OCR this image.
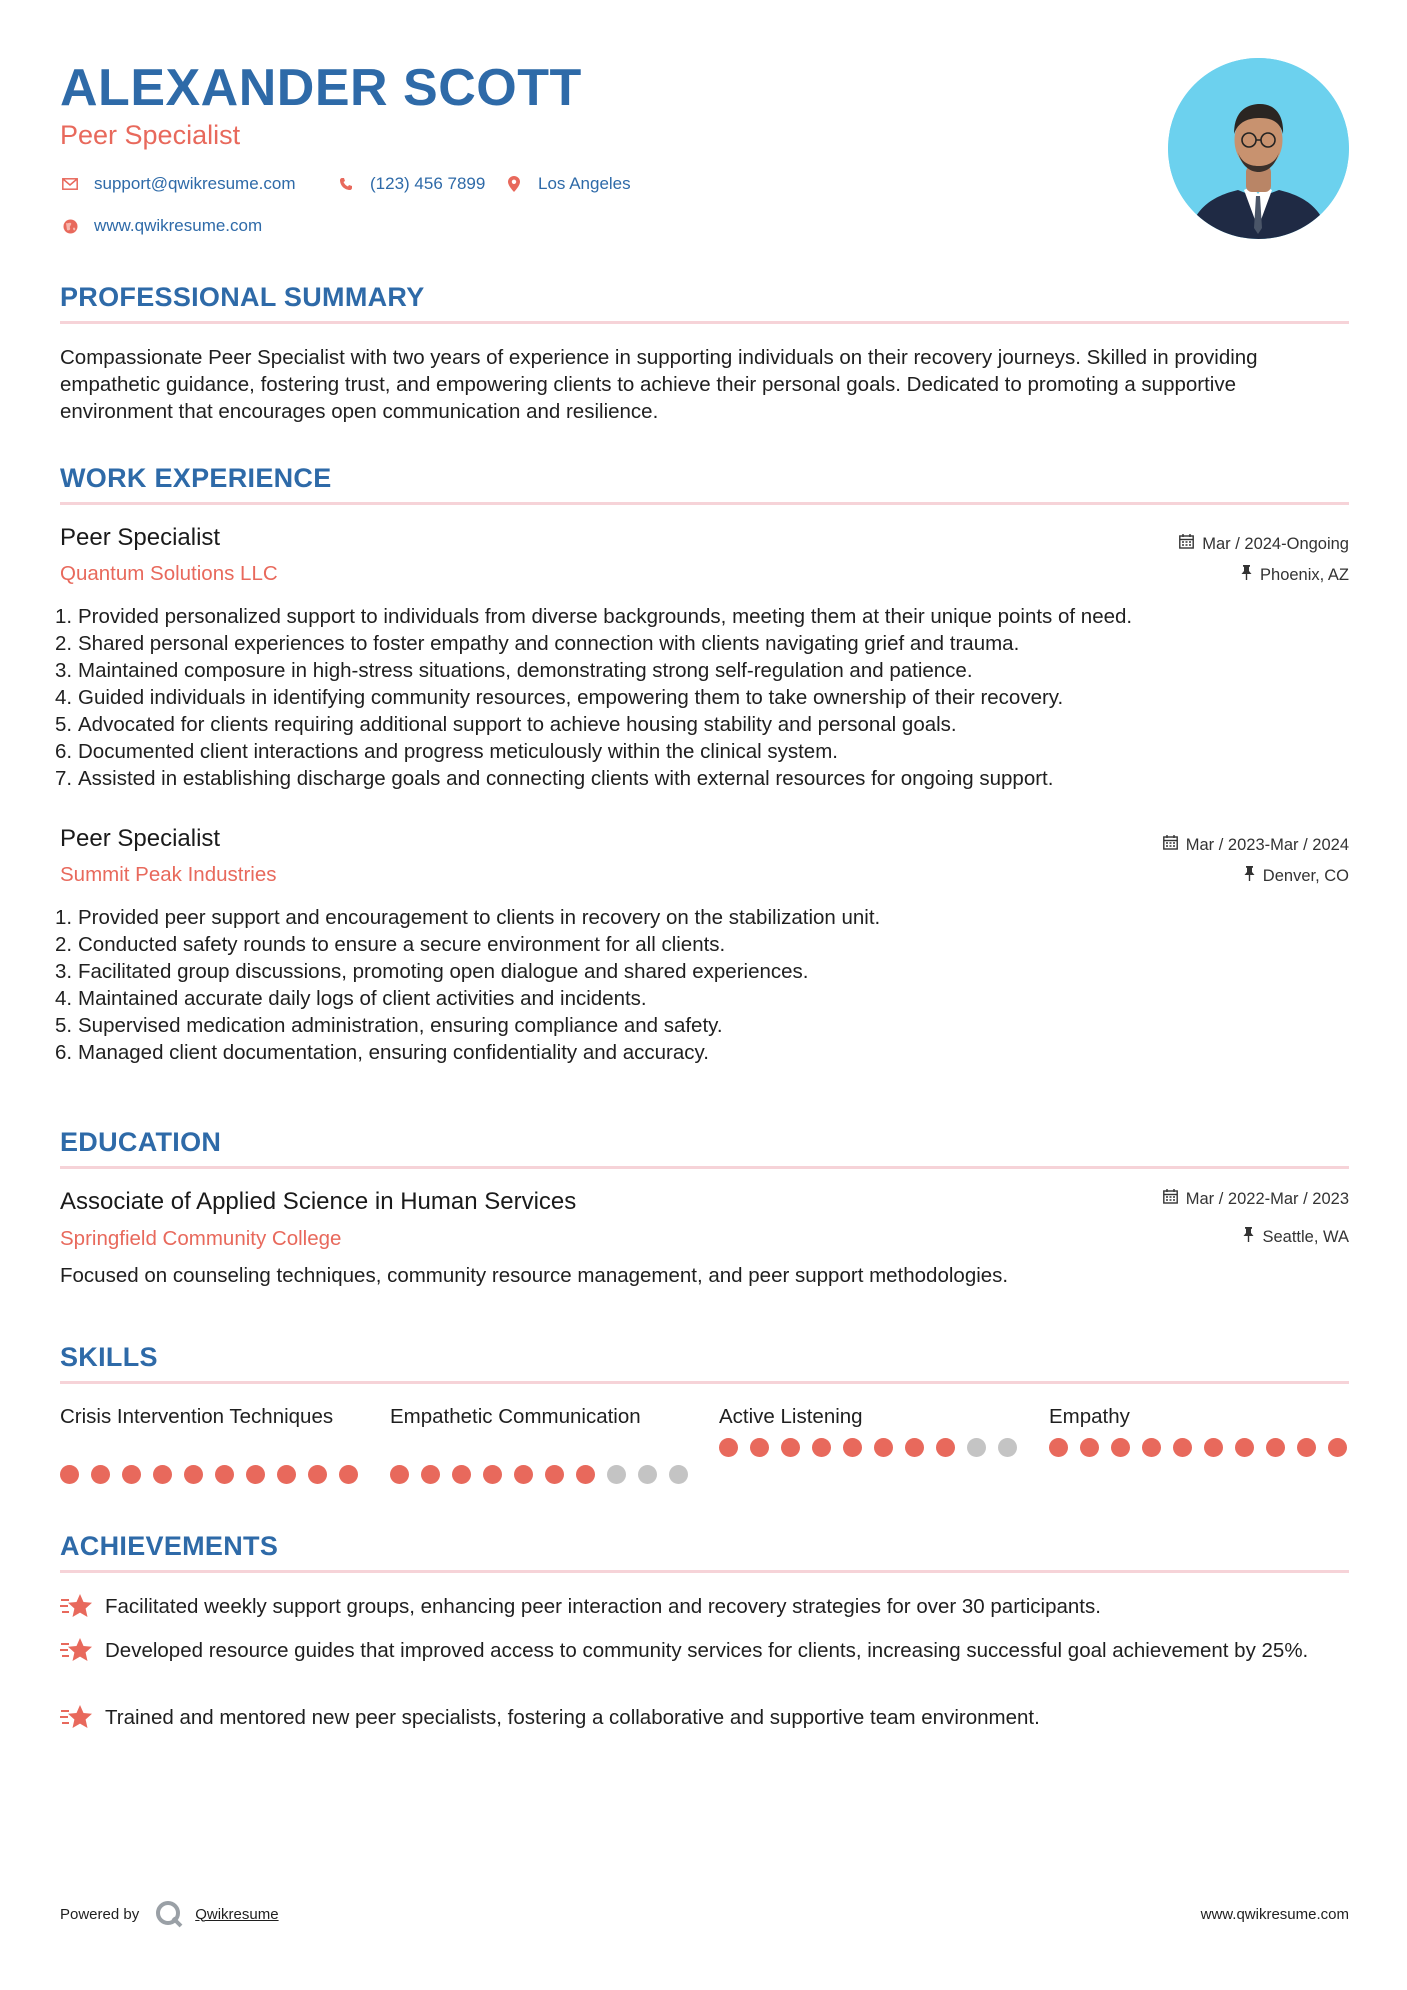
ALEXANDER SCOTT
Peer Specialist
support@qwikresume.com	(123) 456 7899	Los Angeles
www.qwikresume.com
PROFESSIONAL SUMMARY
Compassionate Peer Specialist with two years of experience in supporting individuals on their recovery journeys. Skilled in providing empathetic guidance, fostering trust, and empowering clients to achieve their personal goals. Dedicated to promoting a supportive environment that encourages open communication and resilience.
WORK EXPERIENCE
Peer Specialist
Quantum Solutions LLC
Mar / 2024-Ongoing
Phoenix, AZ
Provided personalized support to individuals from diverse backgrounds, meeting them at their unique points of need.
Shared personal experiences to foster empathy and connection with clients navigating grief and trauma.
Maintained composure in high-stress situations, demonstrating strong self-regulation and patience.
Guided individuals in identifying community resources, empowering them to take ownership of their recovery.
Advocated for clients requiring additional support to achieve housing stability and personal goals.
Documented client interactions and progress meticulously within the clinical system.
Assisted in establishing discharge goals and connecting clients with external resources for ongoing support.
Peer Specialist
Summit Peak Industries
Mar / 2023-Mar / 2024
Denver, CO
Provided peer support and encouragement to clients in recovery on the stabilization unit.
Conducted safety rounds to ensure a secure environment for all clients.
Facilitated group discussions, promoting open dialogue and shared experiences.
Maintained accurate daily logs of client activities and incidents.
Supervised medication administration, ensuring compliance and safety.
Managed client documentation, ensuring confidentiality and accuracy.
EDUCATION
Associate of Applied Science in Human Services
Springfield Community College
Mar / 2022-Mar / 2023
Seattle, WA
Focused on counseling techniques, community resource management, and peer support methodologies.
SKILLS
Crisis Intervention Techniques	Empathetic Communication	Active Listening	Empathy
ACHIEVEMENTS
Facilitated weekly support groups, enhancing peer interaction and recovery strategies for over 30 participants.
Developed resource guides that improved access to community services for clients, increasing successful goal achievement by 25%.
Trained and mentored new peer specialists, fostering a collaborative and supportive team environment.
Powered by	Qwikresume	www.qwikresume.com
